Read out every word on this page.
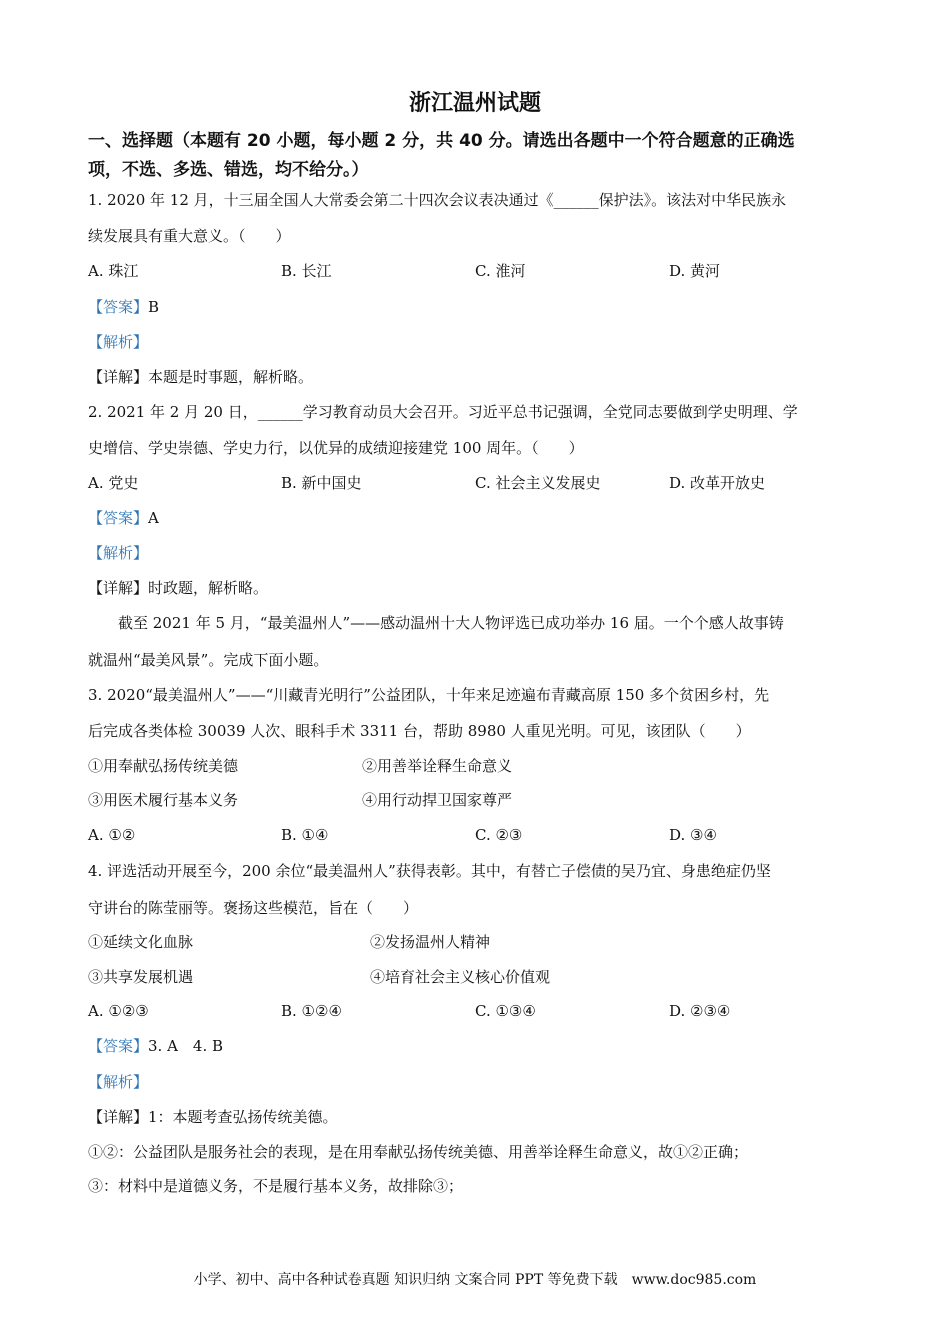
浙江温州试题
一、选择题（本题有 20 小题，每小题 2 分，共 40 分。请选出各题中一个符合题意的正确选
项，不选、多选、错选，均不给分。）
1. 2020 年 12 月，十三届全国人大常委会第二十四次会议表决通过《______保护法》。该法对中华民族永
续发展具有重大意义。（　　）
A. 珠江	B. 长江	C. 淮河	D. 黄河
【答案】B
【解析】
【详解】本题是时事题，解析略。
2. 2021 年 2 月 20 日，______学习教育动员大会召开。习近平总书记强调，全党同志要做到学史明理、学
史增信、学史崇德、学史力行，以优异的成绩迎接建党 100 周年。（　　）
A. 党史	B. 新中国史	C. 社会主义发展史	D. 改革开放史
【答案】A
【解析】
【详解】时政题，解析略。
截至 2021 年 5 月，“最美温州人”——感动温州十大人物评选已成功举办 16 届。一个个感人故事铸
就温州“最美风景”。完成下面小题。
3. 2020“最美温州人”——“川藏青光明行”公益团队，十年来足迹遍布青藏高原 150 多个贫困乡村，先
后完成各类体检 30039 人次、眼科手术 3311 台，帮助 8980 人重见光明。可见，该团队（　　）
①用奉献弘扬传统美德	②用善举诠释生命意义
③用医术履行基本义务	④用行动捍卫国家尊严
A. ①②	B. ①④	C. ②③	D. ③④
4. 评选活动开展至今，200 余位“最美温州人”获得表彰。其中，有替亡子偿债的吴乃宜、身患绝症仍坚
守讲台的陈莹丽等。褒扬这些模范，旨在（　　）
①延续文化血脉	②发扬温州人精神
③共享发展机遇	④培育社会主义核心价值观
A. ①②③	B. ①②④	C. ①③④	D. ②③④
【答案】3. A　4. B
【解析】
【详解】1：本题考查弘扬传统美德。
①②：公益团队是服务社会的表现，是在用奉献弘扬传统美德、用善举诠释生命意义，故①②正确；
③：材料中是道德义务，不是履行基本义务，故排除③；
小学、初中、高中各种试卷真题 知识归纳 文案合同 PPT 等免费下载　www.doc985.com
